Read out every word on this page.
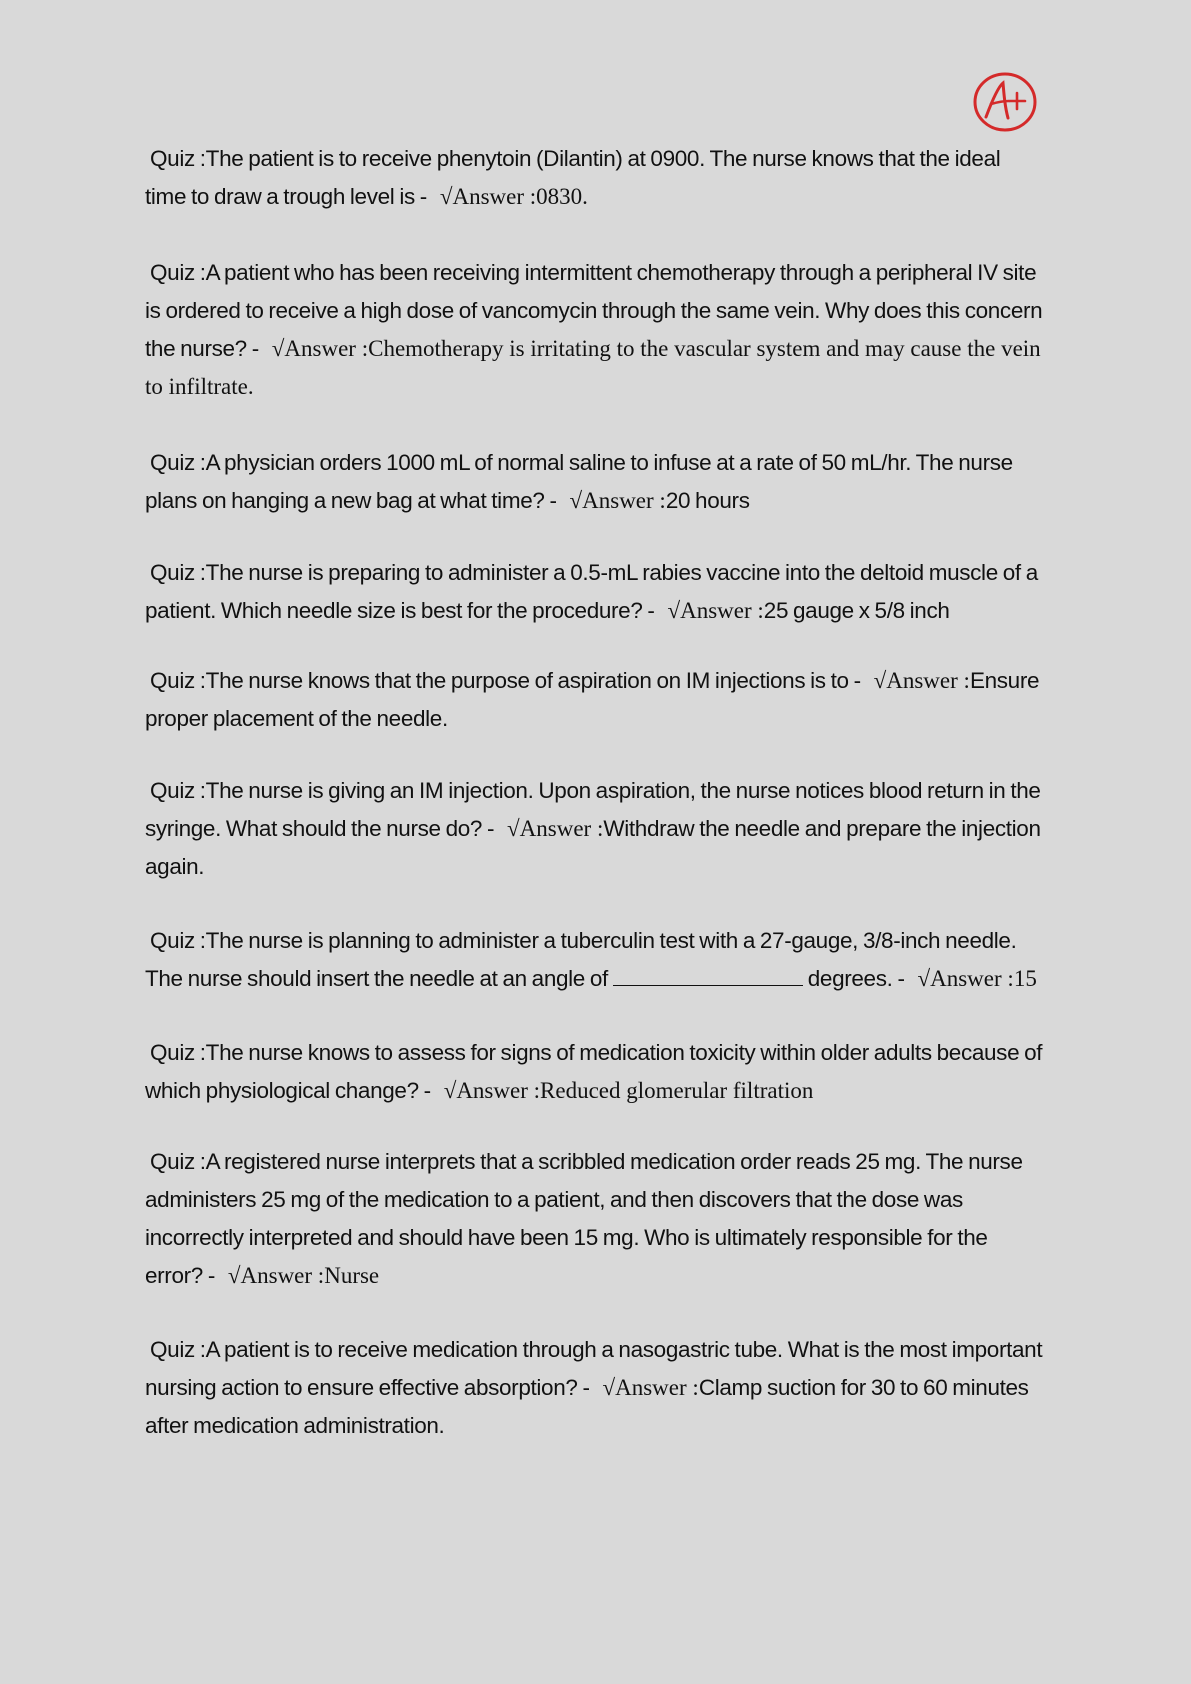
Quiz :The patient is to receive phenytoin (Dilantin) at 0900. The nurse knows that the ideal time to draw a trough level is - √Answer :0830.

Quiz :A patient who has been receiving intermittent chemotherapy through a peripheral IV site is ordered to receive a high dose of vancomycin through the same vein. Why does this concern the nurse? - √Answer :Chemotherapy is irritating to the vascular system and may cause the vein to infiltrate.

Quiz :A physician orders 1000 mL of normal saline to infuse at a rate of 50 mL/hr. The nurse plans on hanging a new bag at what time? - √Answer :20 hours

Quiz :The nurse is preparing to administer a 0.5-mL rabies vaccine into the deltoid muscle of a patient. Which needle size is best for the procedure? - √Answer :25 gauge x 5/8 inch

Quiz :The nurse knows that the purpose of aspiration on IM injections is to - √Answer :Ensure proper placement of the needle.

Quiz :The nurse is giving an IM injection. Upon aspiration, the nurse notices blood return in the syringe. What should the nurse do? - √Answer :Withdraw the needle and prepare the injection again.

Quiz :The nurse is planning to administer a tuberculin test with a 27-gauge, 3/8-inch needle. The nurse should insert the needle at an angle of	degrees. - √Answer :15

Quiz :The nurse knows to assess for signs of medication toxicity within older adults because of which physiological change? - √Answer :Reduced glomerular filtration

Quiz :A registered nurse interprets that a scribbled medication order reads 25 mg. The nurse administers 25 mg of the medication to a patient, and then discovers that the dose was incorrectly interpreted and should have been 15 mg. Who is ultimately responsible for the error? - √Answer :Nurse

Quiz :A patient is to receive medication through a nasogastric tube. What is the most important nursing action to ensure effective absorption? - √Answer :Clamp suction for 30 to 60 minutes after medication administration.
